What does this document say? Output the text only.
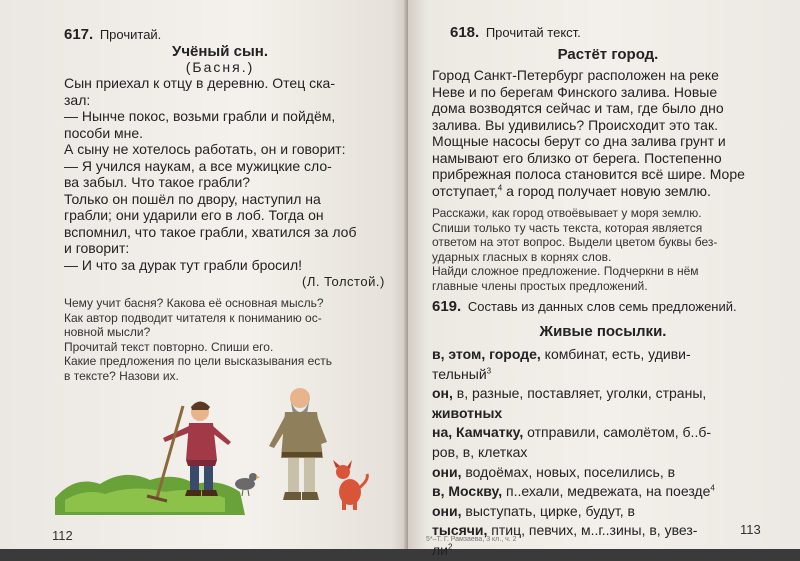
617. Прочитай.
Учёный сын.
(Басня.)
Сын приехал к отцу в деревню. Отец ска-
зал:
— Нынче покос, возьми грабли и пойдём,
пособи мне.
А сыну не хотелось работать, он и говорит:
— Я учился наукам, а все мужицкие сло-
ва забыл. Что такое грабли?
Только он пошёл по двору, наступил на
грабли; они ударили его в лоб. Тогда он
вспомнил, что такое грабли, хватился за лоб
и говорит:
— И что за дурак тут грабли бросил!
(Л. Толстой.)
Чему учит басня? Какова её основная мысль?
Как автор подводит читателя к пониманию ос-
новной мысли?
Прочитай текст повторно. Спиши его.
Какие предложения по цели высказывания есть
в тексте? Назови их.
112
618. Прочитай текст.
Растёт город.
Город Санкт-Петербург расположен на реке
Неве и по берегам Финского залива. Новые
дома возводятся сейчас и там, где было дно
залива. Вы удивились? Происходит это так.
Мощные насосы берут со дна залива грунт и
намывают его близко от берега. Постепенно
прибрежная полоса становится всё шире. Море
отступает,$^4$ а город получает новую землю.
Расскажи, как город отвоёвывает у моря землю.
Спиши только ту часть текста, которая является
ответом на этот вопрос. Выдели цветом буквы без-
ударных гласных в корнях слов.
Найди сложное предложение. Подчеркни в нём
главные члены простых предложений.
619. Составь из данных слов семь предложений.
Живые посылки.
в, этом, городе, комбинат, есть, удиви-
тельный$^3$
он, в, разные, поставляет, уголки, страны,
животных
на, Камчатку, отправили, самолётом, б..б-
ров, в, клетках
они, водоёмах, новых, поселились, в
в, Москву, п..ехали, медвежата, на поезде$^4$
они, выступать, цирке, будут, в
тысячи, птиц, певчих, м..г..зины, в, увез-
$ли^2$
5*–Т. Г. Рамзаева, 3 кл., ч. 2
113
